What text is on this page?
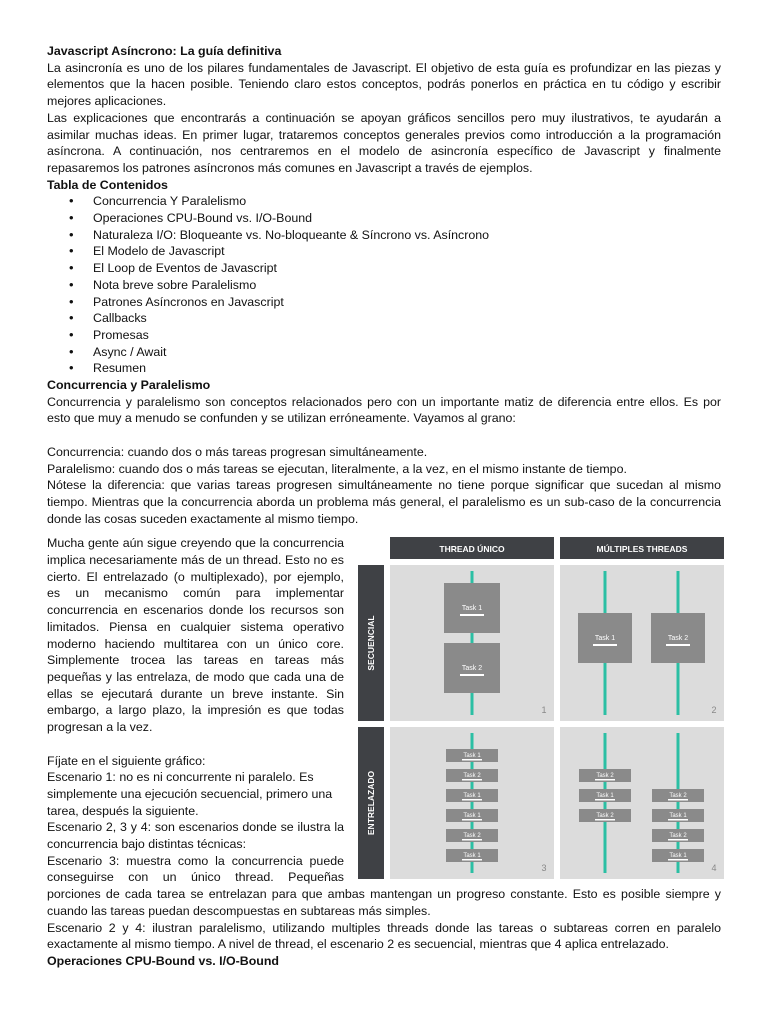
Javascript Asíncrono: La guía definitiva

La asincronía es uno de los pilares fundamentales de Javascript. El objetivo de esta guía es profundizar en las piezas y elementos que la hacen posible. Teniendo claro estos conceptos, podrás ponerlos en práctica en tu código y escribir mejores aplicaciones.

Las explicaciones que encontrarás a continuación se apoyan gráficos sencillos pero muy ilustrativos, te ayudarán a asimilar muchas ideas. En primer lugar, trataremos conceptos generales previos como introducción a la programación asíncrona. A continuación, nos centraremos en el modelo de asincronía específico de Javascript y finalmente repasaremos los patrones asíncronos más comunes en Javascript a través de ejemplos.

Tabla de Contenidos

• Concurrencia Y Paralelismo
• Operaciones CPU-Bound vs. I/O-Bound
• Naturaleza I/O: Bloqueante vs. No-bloqueante & Síncrono vs. Asíncrono
• El Modelo de Javascript
• El Loop de Eventos de Javascript
• Nota breve sobre Paralelismo
• Patrones Asíncronos en Javascript
• Callbacks
• Promesas
• Async / Await
• Resumen

Concurrencia y Paralelismo

Concurrencia y paralelismo son conceptos relacionados pero con un importante matiz de diferencia entre ellos. Es por esto que muy a menudo se confunden y se utilizan erróneamente. Vayamos al grano:

Concurrencia: cuando dos o más tareas progresan simultáneamente.

Paralelismo: cuando dos o más tareas se ejecutan, literalmente, a la vez, en el mismo instante de tiempo.

Nótese la diferencia: que varias tareas progresen simultáneamente no tiene porque significar que sucedan al mismo tiempo. Mientras que la concurrencia aborda un problema más general, el paralelismo es un sub-caso de la concurrencia donde las cosas suceden exactamente al mismo tiempo.

THREAD ÚNICO	MÚLTIPLES THREADS
SECUENCIAL
ENTRELAZADO
Task 1
Task 2
1
Task 1	Task 2
2
Task 1
Task 2
Task 1
Task 1
Task 2
Task 1
3
Task 2
Task 1
Task 2
Task 2
Task 1
Task 2
Task 1
4

Mucha gente aún sigue creyendo que la concurrencia implica necesariamente más de un thread. Esto no es cierto. El entrelazado (o multiplexado), por ejemplo, es un mecanismo común para implementar concurrencia en escenarios donde los recursos son limitados. Piensa en cualquier sistema operativo moderno haciendo multitarea con un único core. Simplemente trocea las tareas en tareas más pequeñas y las entrelaza, de modo que cada una de ellas se ejecutará durante un breve instante. Sin embargo, a largo plazo, la impresión es que todas progresan a la vez.

Fíjate en el siguiente gráfico:

Escenario 1: no es ni concurrente ni paralelo. Es simplemente una ejecución secuencial, primero una tarea, después la siguiente.

Escenario 2, 3 y 4: son escenarios donde se ilustra la concurrencia bajo distintas técnicas:

Escenario 3: muestra como la concurrencia puede conseguirse con un único thread. Pequeñas porciones de cada tarea se entrelazan para que ambas mantengan un progreso constante. Esto es posible siempre y cuando las tareas puedan descompuestas en subtareas más simples.

Escenario 2 y 4: ilustran paralelismo, utilizando multiples threads donde las tareas o subtareas corren en paralelo exactamente al mismo tiempo. A nivel de thread, el escenario 2 es secuencial, mientras que 4 aplica entrelazado.

Operaciones CPU-Bound vs. I/O-Bound
